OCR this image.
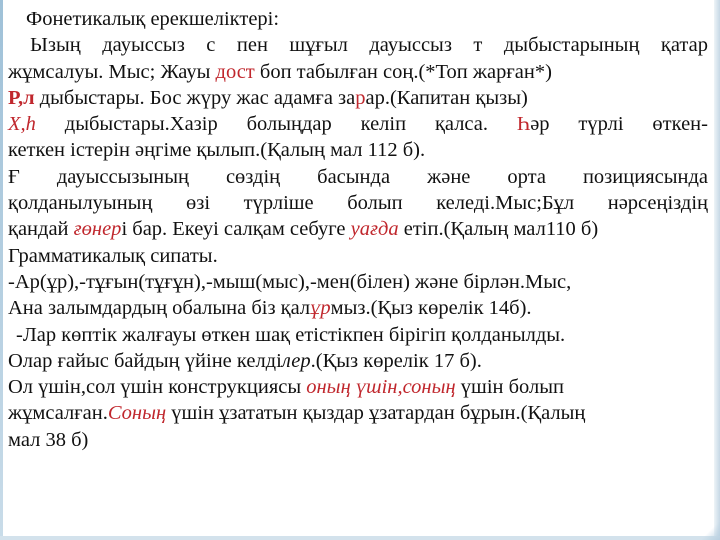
Фонетикалық ерекшеліктері:
Ызың дауыссыз с пен шұғыл дауыссыз т дыбыстарының қатар
жұмсалуы. Мыс; Жауы дост боп табылған соң.(*Топ жарған*)
Р,л дыбыстары. Бос жүру жас адамға зарар.(Капитан қызы)
X,h дыбыстары.Хазір болыңдар келіп қалса. Һәр түрлі өткен-
кеткен істерін әңгіме қылып.(Қалың мал 112 б).
Ғ дауыссызының сөздің басында және орта позициясында
қолданылуының өзі түрліше болып келеді.Мыс;Бұл нәрсеңіздің
қандай ғөнері бар. Екеуі салқам себуге уағда етіп.(Қалың мал110 б)
Грамматикалық сипаты.
-Ар(ұр),-тұғын(тұғұн),-мыш(мыс),-мен(білен) және бірлән.Мыс,
Ана залымдардың обалына біз қалұрмыз.(Қыз көрелік 14б).
-Лар көптік жалғауы өткен шақ етістікпен бірігіп қолданылды.
Олар ғайыс байдың үйіне келділер.(Қыз көрелік 17 б).
Ол үшін,сол үшін конструкциясы оның үшін,соның үшін болып
жұмсалған.Соның үшін ұзататын қыздар ұзатардан бұрын.(Қалың
мал 38 б)
